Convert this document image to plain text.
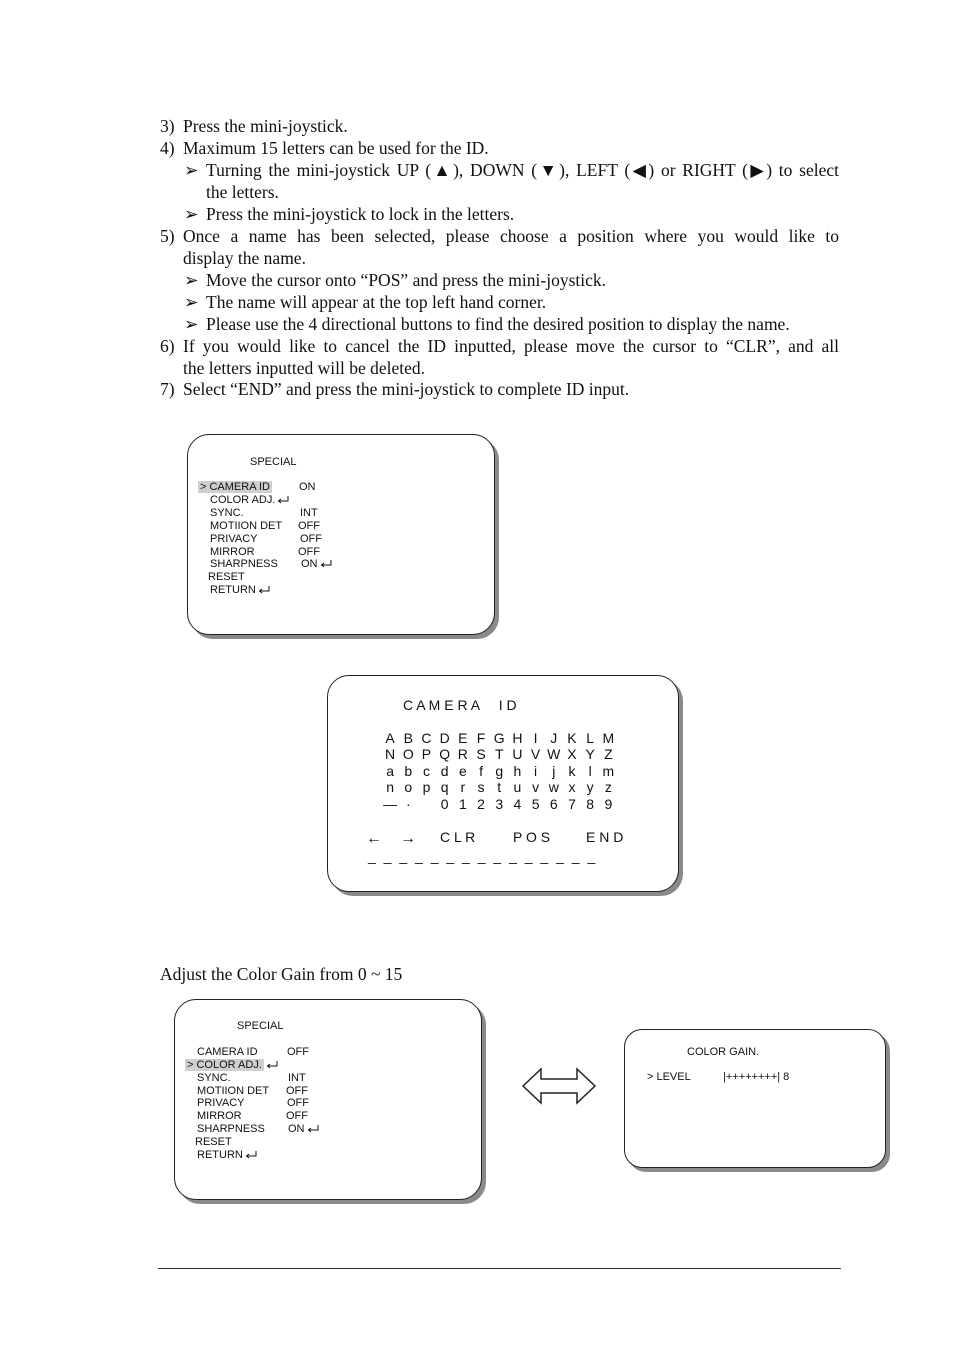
3) Press the mini-joystick.
4) Maximum 15 letters can be used for the ID.
➢ Turning the mini-joystick UP (▲), DOWN (▼), LEFT (◀) or RIGHT (▶) to select
the letters.
➢ Press the mini-joystick to lock in the letters.
5) Once a name has been selected, please choose a position where you would like to
display the name.
➢ Move the cursor onto “POS” and press the mini-joystick.
➢ The name will appear at the top left hand corner.
➢ Please use the 4 directional buttons to find the desired position to display the name.
6) If you would like to cancel the ID inputted, please move the cursor to “CLR”, and all
the letters inputted will be deleted.
7) Select “END” and press the mini-joystick to complete ID input.
SPECIAL
> CAMERA ID	ON
COLOR ADJ.
SYNC.	INT
MOTIION DET OFF
PRIVACY	OFF
MIRROR	OFF
SHARPNESS ON
RESET
RETURN
C A M E R A     I D
A B C D E F G H I J K L M
N O P Q R S T U V W X Y Z
a b c d e f g h i j k l m
n o p q r s t u v w x y z
— · 0 1 2 3 4 5 6 7 8 9
← → C L R	P O S	E N D
_ _ _ _ _ _ _ _ _ _ _ _ _ _ _
Adjust the Color Gain from 0 ~ 15
SPECIAL
CAMERA ID	OFF
> COLOR ADJ.
SYNC.	INT
MOTIION DET OFF
PRIVACY	OFF
MIRROR	OFF
SHARPNESS ON
RESET
RETURN
COLOR GAIN.
> LEVEL	|++++++++| 8
